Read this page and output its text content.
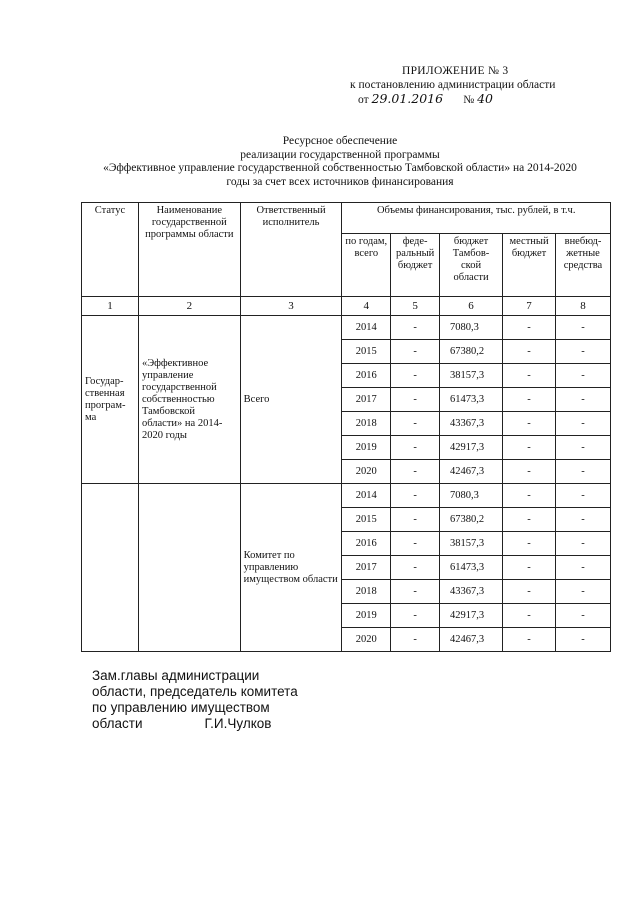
ПРИЛОЖЕНИЕ № 3
к постановлению администрации области
от 29.01.2016 № 40
Ресурсное обеспечение
реализации государственной программы
«Эффективное управление государственной собственностью Тамбовской области» на 2014-2020
годы за счет всех источников финансирования
Статус	Наименование государственной программы области	Ответственный исполнитель	Объемы финансирования, тыс. рублей, в т.ч.				
			по годам, всего	феде-ральный бюджет	бюджет Тамбов-ской области	местный бюджет	внебюд-жетные средства
1	2	3	4	5	6	7	8
Государ-ственная програм-ма	«Эффективное управление государственной собственностью Тамбовской области» на 2014-2020 годы	Всего	2014	-	7080,3	-	-
			2015	-	67380,2	-	-
			2016	-	38157,3	-	-
			2017	-	61473,3	-	-
			2018	-	43367,3	-	-
			2019	-	42917,3	-	-
			2020	-	42467,3	-	-
		Комитет по управлению имуществом области	2014	-	7080,3	-	-
			2015	-	67380,2	-	-
			2016	-	38157,3	-	-
			2017	-	61473,3	-	-
			2018	-	43367,3	-	-
			2019	-	42917,3	-	-
			2020	-	42467,3	-	-
Зам.главы администрации
области, председатель комитета
по управлению имуществом
области	Г.И.Чулков
